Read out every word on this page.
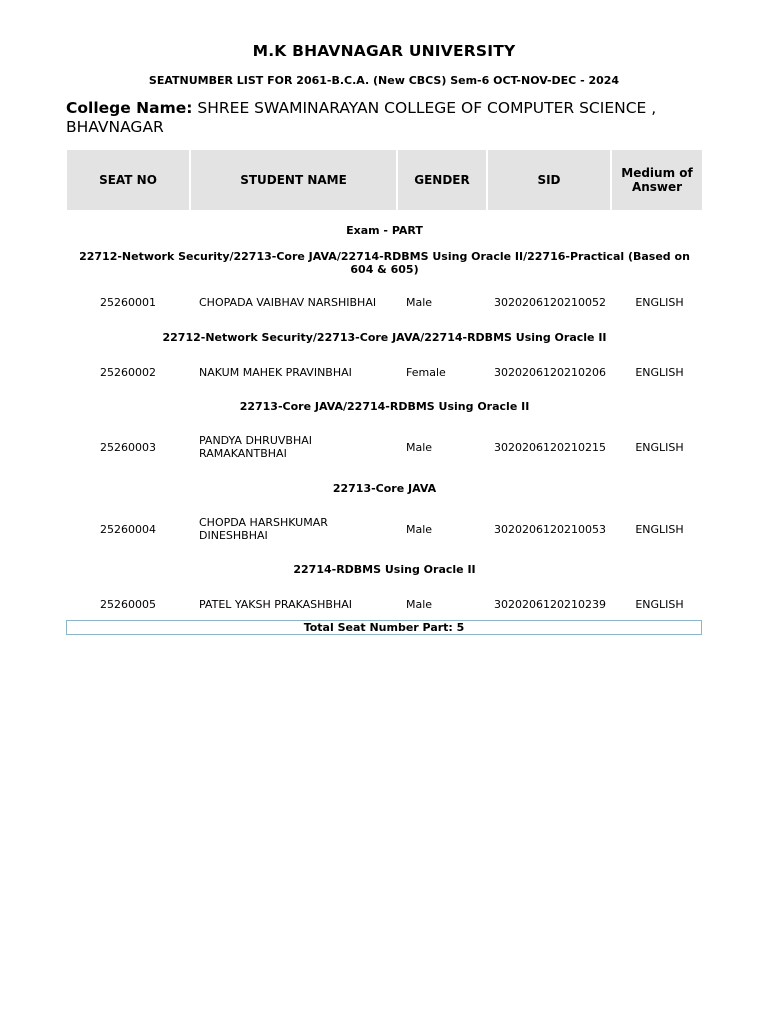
M.K BHAVNAGAR UNIVERSITY
SEATNUMBER LIST FOR 2061-B.C.A. (New CBCS) Sem-6 OCT-NOV-DEC - 2024
College Name: SHREE SWAMINARAYAN COLLEGE OF COMPUTER SCIENCE , BHAVNAGAR
SEAT NO	STUDENT NAME	GENDER	SID	Medium of Answer
Exam - PART
22712-Network Security/22713-Core JAVA/22714-RDBMS Using Oracle II/22716-Practical (Based on 604 & 605)
25260001	CHOPADA VAIBHAV NARSHIBHAI	Male	3020206120210052	ENGLISH
22712-Network Security/22713-Core JAVA/22714-RDBMS Using Oracle II
25260002	NAKUM MAHEK PRAVINBHAI	Female	3020206120210206	ENGLISH
22713-Core JAVA/22714-RDBMS Using Oracle II
25260003	PANDYA DHRUVBHAI RAMAKANTBHAI	Male	3020206120210215	ENGLISH
22713-Core JAVA
25260004	CHOPDA HARSHKUMAR DINESHBHAI	Male	3020206120210053	ENGLISH
22714-RDBMS Using Oracle II
25260005	PATEL YAKSH PRAKASHBHAI	Male	3020206120210239	ENGLISH
Total Seat Number Part: 5
